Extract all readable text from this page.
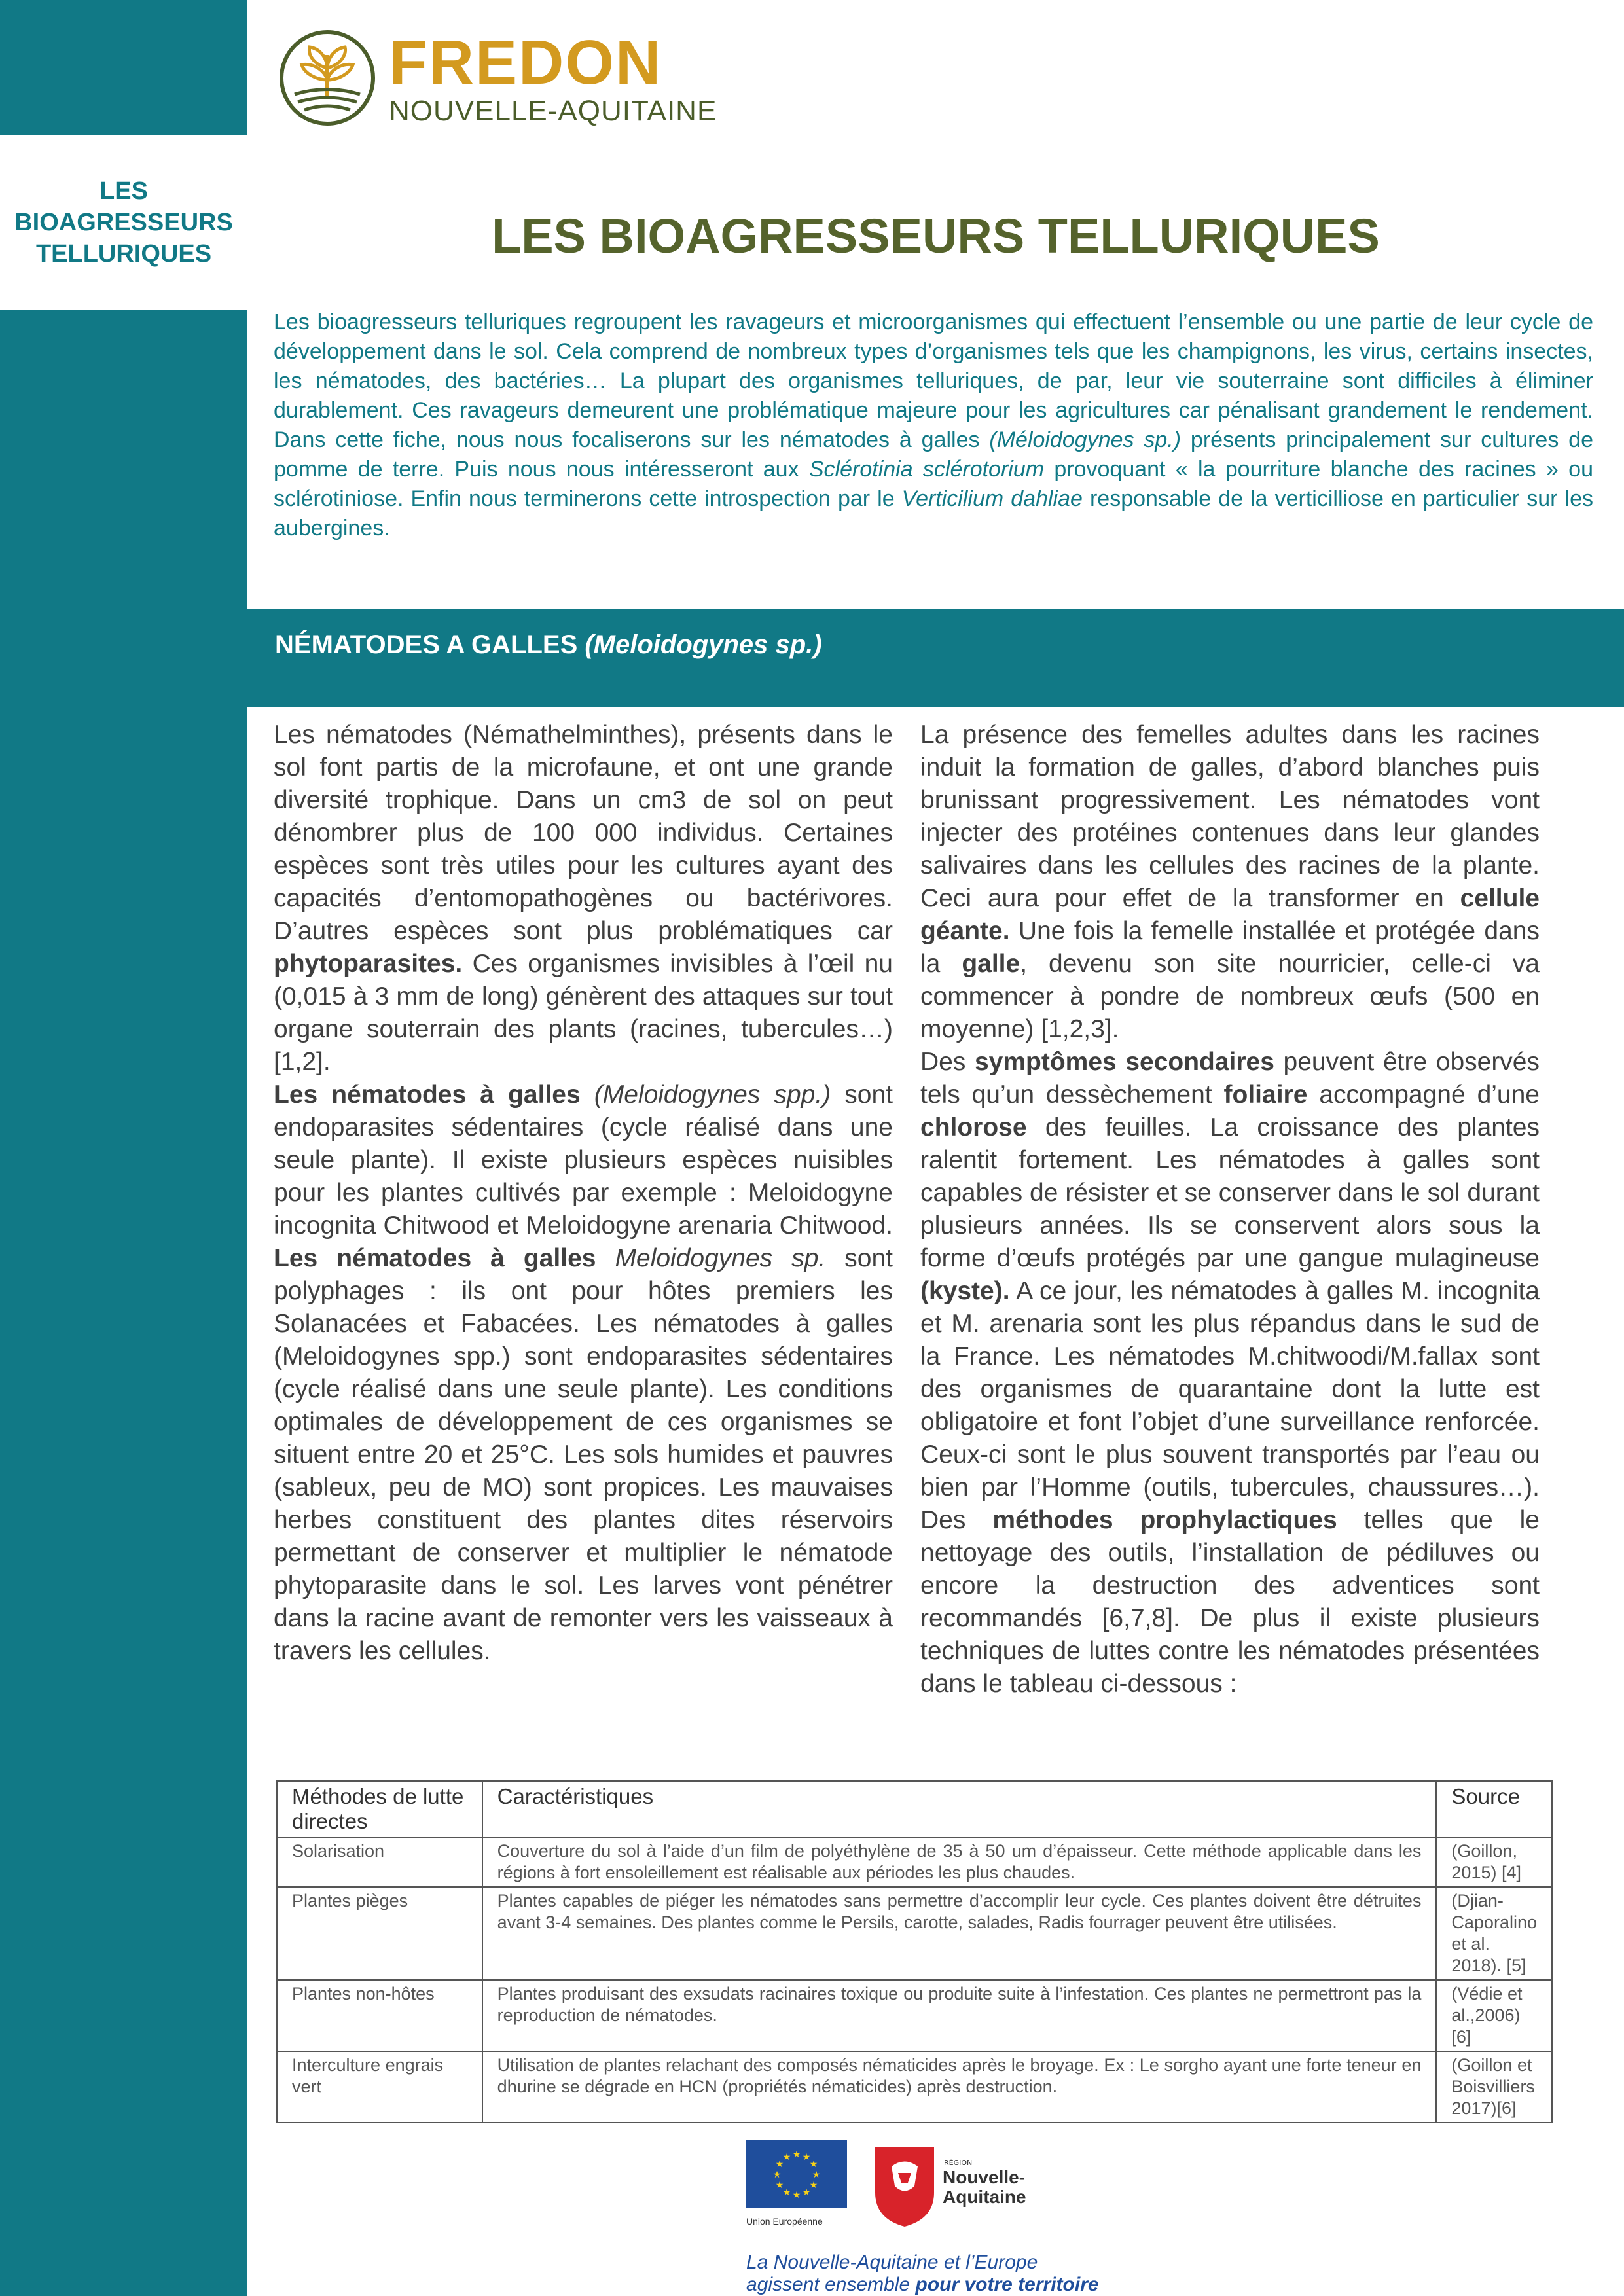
LES
BIOAGRESSEURS
TELLURIQUES
FREDON
NOUVELLE-AQUITAINE
LES BIOAGRESSEURS TELLURIQUES
Les bioagresseurs telluriques regroupent les ravageurs et microorganismes qui effectuent l’ensemble ou une partie de leur cycle de développement dans le sol. Cela comprend de nombreux types d’organismes tels que les champignons, les virus, certains insectes, les nématodes, des bactéries… La plupart des organismes telluriques, de par, leur vie souterraine sont difficiles à éliminer durablement. Ces ravageurs demeurent une problématique majeure pour les agricultures car pénalisant grandement le rendement. Dans cette fiche, nous nous focaliserons sur les nématodes à galles (Méloidogynes sp.) présents principalement sur cultures de pomme de terre. Puis nous nous intéresseront aux Sclérotinia sclérotorium provoquant « la pourriture blanche des racines » ou sclérotiniose. Enfin nous terminerons cette introspection par le Verticilium dahliae responsable de la verticilliose en particulier sur les aubergines.
NÉMATODES A GALLES (Meloidogynes sp.)

Les nématodes (Némathelminthes), présents dans le sol font partis de la microfaune, et ont une grande diversité trophique. Dans un cm3 de sol on peut dénombrer plus de 100 000 individus. Certaines espèces sont très utiles pour les cultures ayant des capacités d’entomopathogènes ou bactérivores. D’autres espèces sont plus problématiques car phytoparasites. Ces organismes invisibles à l’œil nu (0,015 à 3 mm de long) génèrent des attaques sur tout organe souterrain des plants (racines, tubercules…) [1,2].

Les nématodes à galles (Meloidogynes spp.) sont endoparasites sédentaires (cycle réalisé dans une seule plante). Il existe plusieurs espèces nuisibles pour les plantes cultivés par exemple : Meloidogyne incognita Chitwood et Meloidogyne arenaria Chitwood. Les nématodes à galles Meloidogynes sp. sont polyphages : ils ont pour hôtes premiers les Solanacées et Fabacées. Les nématodes à galles (Meloidogynes spp.) sont endoparasites sédentaires (cycle réalisé dans une seule plante). Les conditions optimales de développement de ces organismes se situent entre 20 et 25°C. Les sols humides et pauvres (sableux, peu de MO) sont propices. Les mauvaises herbes constituent des plantes dites réservoirs permettant de conserver et multiplier le nématode phytoparasite dans le sol. Les larves vont pénétrer dans la racine avant de remonter vers les vaisseaux à travers les cellules.

La présence des femelles adultes dans les racines induit la formation de galles, d’abord blanches puis brunissant progressivement. Les nématodes vont injecter des protéines contenues dans leur glandes salivaires dans les cellules des racines de la plante. Ceci aura pour effet de la transformer en cellule géante. Une fois la femelle installée et protégée dans la galle, devenu son site nourricier, celle-ci va commencer à pondre de nombreux œufs (500 en moyenne) [1,2,3].

Des symptômes secondaires peuvent être observés tels qu’un dessèchement foliaire accompagné d’une chlorose des feuilles. La croissance des plantes ralentit fortement. Les nématodes à galles sont capables de résister et se conserver dans le sol durant plusieurs années. Ils se conservent alors sous la forme d’œufs protégés par une gangue mulagineuse (kyste). A ce jour, les nématodes à galles M. incognita et M. arenaria sont les plus répandus dans le sud de la France. Les nématodes M.chitwoodi/M.fallax sont des organismes de quarantaine dont la lutte est obligatoire et font l’objet d’une surveillance renforcée. Ceux-ci sont le plus souvent transportés par l’eau ou bien par l’Homme (outils, tubercules, chaussures…). Des méthodes prophylactiques telles que le nettoyage des outils, l’installation de pédiluves ou encore la destruction des adventices sont recommandés [6,7,8]. De plus il existe plusieurs techniques de luttes contre les nématodes présentées dans le tableau ci-dessous :

Méthodes de lutte directes	Caractéristiques	Source
Solarisation	Couverture du sol à l’aide d’un film de polyéthylène de 35 à 50 um d’épaisseur. Cette méthode applicable dans les régions à fort ensoleillement est réalisable aux périodes les plus chaudes.	(Goillon, 2015) [4]
Plantes pièges	Plantes capables de piéger les nématodes sans permettre d’accomplir leur cycle. Ces plantes doivent être détruites avant 3-4 semaines. Des plantes comme le Persils, carotte, salades, Radis fourrager peuvent être utilisées.	(Djian-Caporalino et al. 2018). [5]
Plantes non-hôtes	Plantes produisant des exsudats racinaires toxique ou produite suite à l’infestation. Ces plantes ne permettront pas la reproduction de nématodes.	(Védie et al.,2006)[6]
Interculture engrais vert	Utilisation de plantes relachant des composés nématicides après le broyage. Ex : Le sorgho ayant une forte teneur en dhurine se dégrade en HCN (propriétés nématicides) après destruction.	(Goillon et Boisvilliers 2017)[6]
★ ★
★
★
★
★
★
★
★
★
★
★
Union Européenne
RÉGION
Nouvelle-
Aquitaine
La Nouvelle-Aquitaine et l’Europe
agissent ensemble pour votre territoire
